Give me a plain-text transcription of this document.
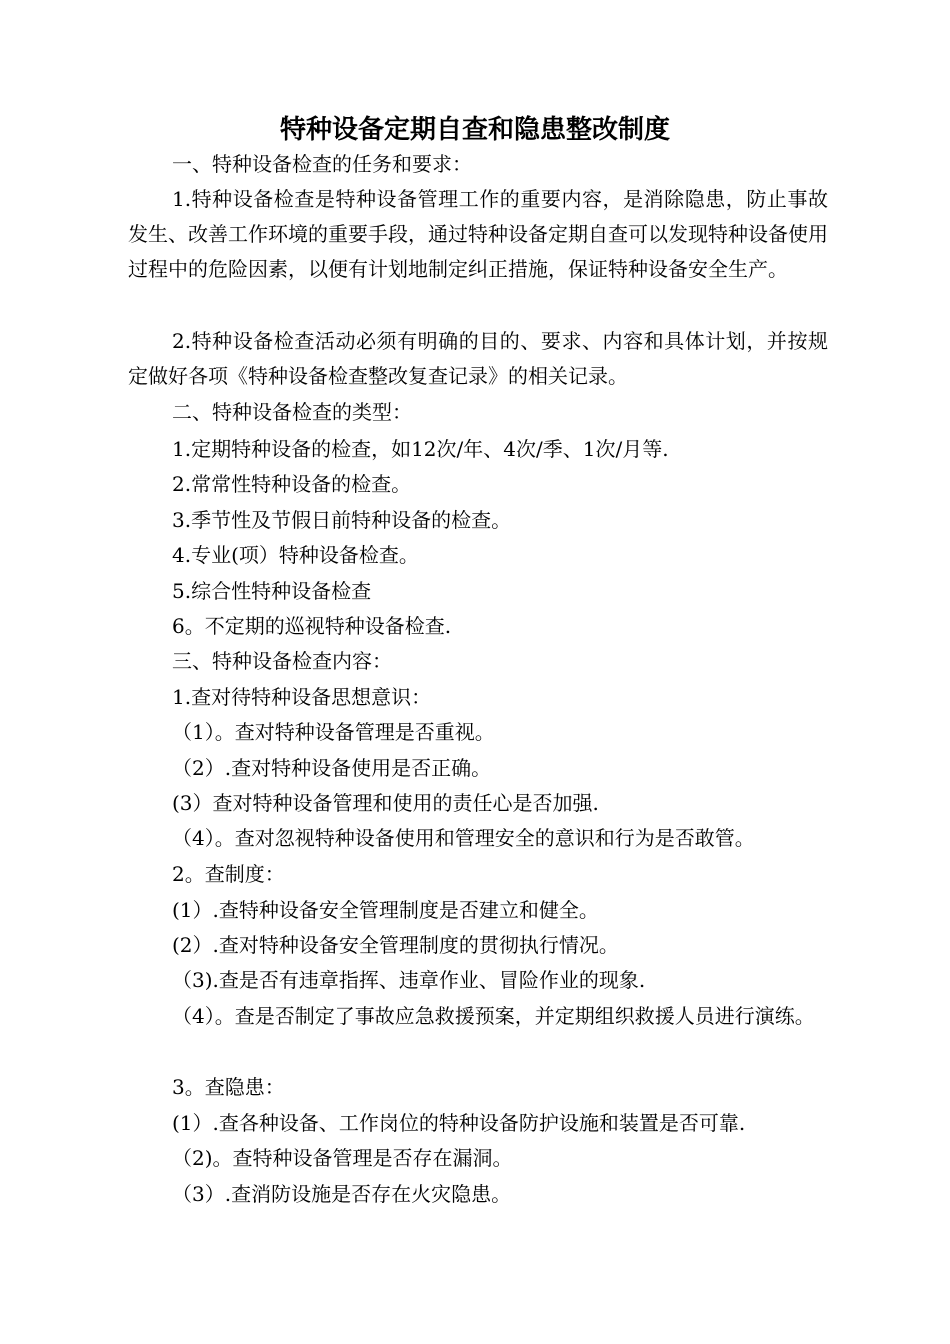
特种设备定期自查和隐患整改制度

一、特种设备检查的任务和要求：

1.特种设备检查是特种设备管理工作的重要内容，是消除隐患，防止事故发生、改善工作环境的重要手段，通过特种设备定期自查可以发现特种设备使用过程中的危险因素，以便有计划地制定纠正措施，保证特种设备安全生产。

2.特种设备检查活动必须有明确的目的、要求、内容和具体计划，并按规定做好各项《特种设备检查整改复查记录》的相关记录。

二、特种设备检查的类型：

1.定期特种设备的检查，如12次/年、4次/季、1次/月等.

2.常常性特种设备的检查。

3.季节性及节假日前特种设备的检查。

4.专业(项）特种设备检查。

5.综合性特种设备检查

6。不定期的巡视特种设备检查.

三、特种设备检查内容：

1.查对待特种设备思想意识：

（1）。查对特种设备管理是否重视。

（2）.查对特种设备使用是否正确。

(3）查对特种设备管理和使用的责任心是否加强.

（4）。查对忽视特种设备使用和管理安全的意识和行为是否敢管。

2。查制度：

(1）.查特种设备安全管理制度是否建立和健全。

(2）.查对特种设备安全管理制度的贯彻执行情况。

（3).查是否有违章指挥、违章作业、冒险作业的现象.

（4）。查是否制定了事故应急救援预案，并定期组织救援人员进行演练。

3。查隐患：

(1）.查各种设备、工作岗位的特种设备防护设施和装置是否可靠.

（2)。查特种设备管理是否存在漏洞。

（3）.查消防设施是否存在火灾隐患。
